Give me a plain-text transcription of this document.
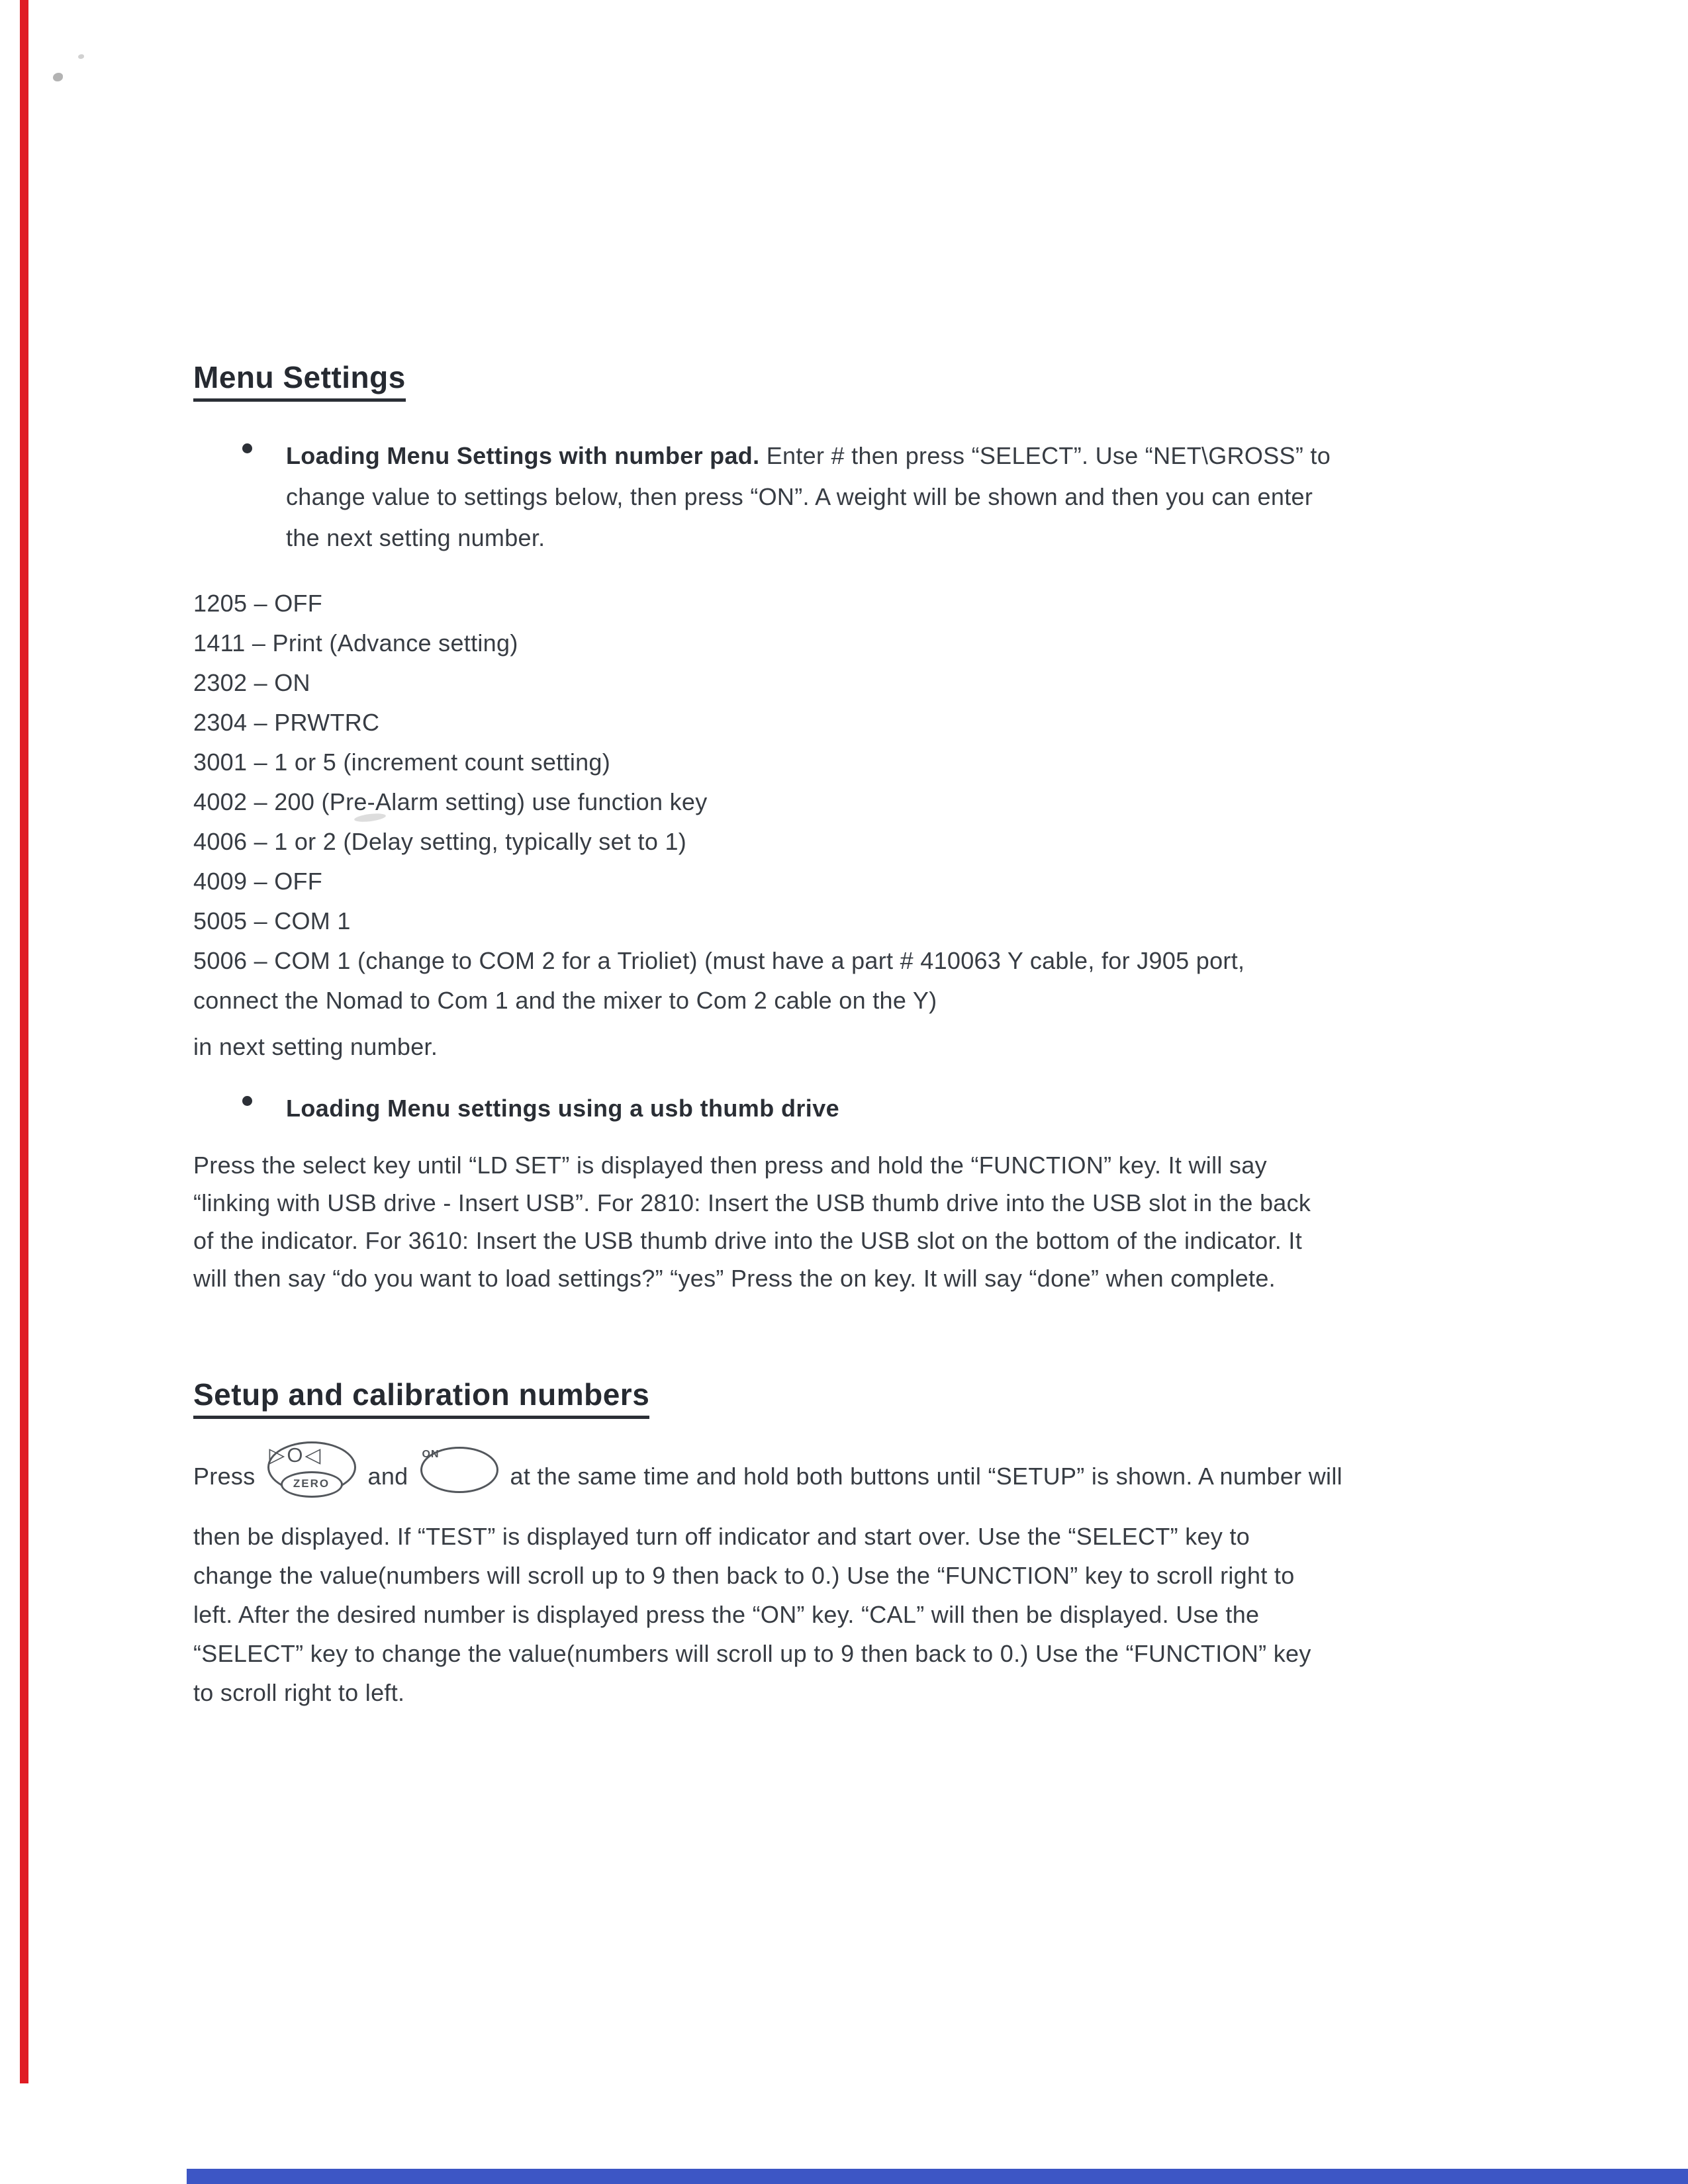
Menu Settings
Loading Menu Settings with number pad. Enter # then press “SELECT”. Use “NET\GROSS” to
change value to settings below, then press “ON”. A weight will be shown and then you can enter
the next setting number.
1205 – OFF
1411 – Print (Advance setting)
2302 – ON
2304 – PRWTRC
3001 – 1 or 5 (increment count setting)
4002 – 200 (Pre-Alarm setting) use function key
4006 – 1 or 2 (Delay setting, typically set to 1)
4009 – OFF
5005 – COM 1
5006 – COM 1 (change to COM 2 for a Trioliet) (must have a part # 410063 Y cable, for J905 port,
connect the Nomad to Com 1 and the mixer to Com 2 cable on the Y)
in next setting number.
Loading Menu settings using a usb thumb drive
Press the select key until “LD SET” is displayed then press and hold the “FUNCTION” key. It will say
“linking with USB drive - Insert USB”. For 2810: Insert the USB thumb drive into the USB slot in the back
of the indicator. For 3610: Insert the USB thumb drive into the USB slot on the bottom of the indicator. It
will then say “do you want to load settings?” “yes” Press the on key. It will say “done” when complete.
Setup and calibration numbers
Press
▷O◁
ZERO	and
ON
at the same time and hold both buttons until “SETUP” is shown. A number will
then be displayed. If “TEST” is displayed turn off indicator and start over. Use the “SELECT” key to
change the value(numbers will scroll up to 9 then back to 0.) Use the “FUNCTION” key to scroll right to
left. After the desired number is displayed press the “ON” key. “CAL” will then be displayed. Use the
“SELECT” key to change the value(numbers will scroll up to 9 then back to 0.) Use the “FUNCTION” key
to scroll right to left.
